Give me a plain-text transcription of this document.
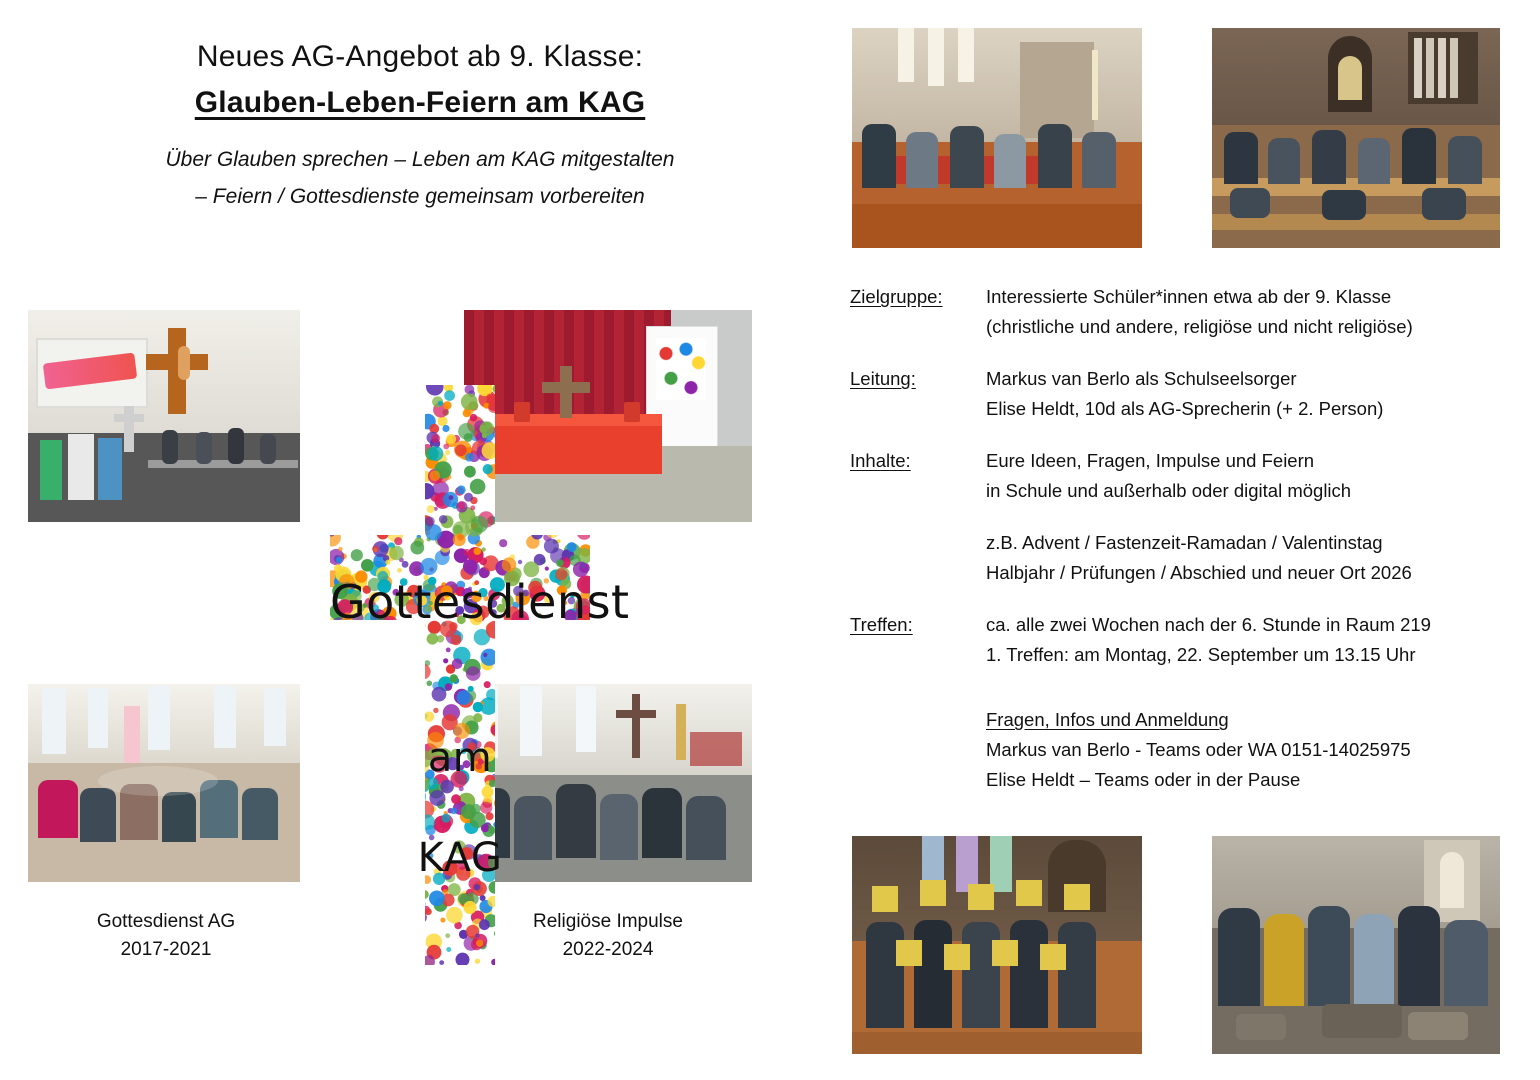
Neues AG-Angebot ab 9. Klasse:
Glauben-Leben-Feiern am KAG
Über Glauben sprechen – Leben am KAG mitgestalten
– Feiern / Gottesdienste gemeinsam vorbereiten
Gottesdienst
am
KAG
Gottesdienst AG
2017-2021
Religiöse Impulse
2022-2024
Zielgruppe:	Interessierte Schüler*innen etwa ab der 9. Klasse
(christliche und andere, religiöse und nicht religiöse)
Leitung:	Markus van Berlo als Schulseelsorger
Elise Heldt, 10d als AG-Sprecherin (+ 2. Person)
Inhalte:	Eure Ideen, Fragen, Impulse und Feiern
in Schule und außerhalb oder digital möglich
z.B. Advent / Fastenzeit-Ramadan / Valentinstag
Halbjahr / Prüfungen / Abschied und neuer Ort 2026
Treffen:	ca. alle zwei Wochen nach der 6. Stunde in Raum 219
1. Treffen: am Montag, 22. September um 13.15 Uhr
Fragen, Infos und Anmeldung
Markus van Berlo - Teams oder WA 0151-14025975
Elise Heldt – Teams oder in der Pause
